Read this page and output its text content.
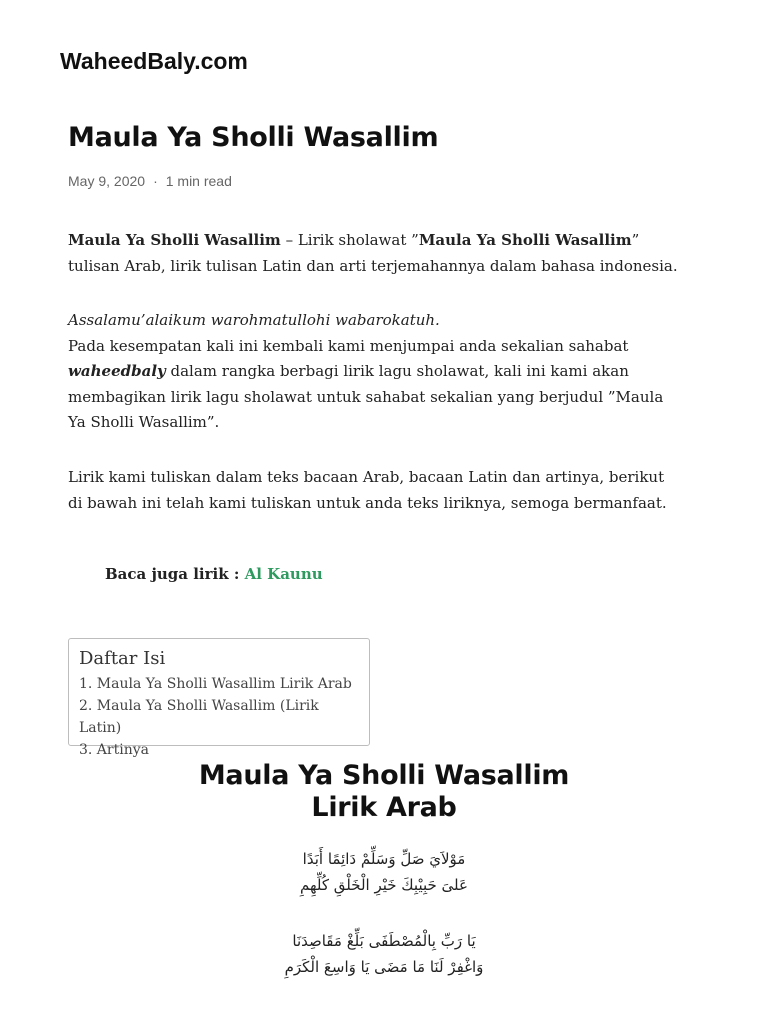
WaheedBaly.com
Maula Ya Sholli Wasallim
May 9, 2020 · 1 min read

Maula Ya Sholli Wasallim – Lirik sholawat ”Maula Ya Sholli Wasallim” tulisan Arab, lirik tulisan Latin dan arti terjemahannya dalam bahasa indonesia.

Assalamu’alaikum warohmatullohi wabarokatuh.
Pada kesempatan kali ini kembali kami menjumpai anda sekalian sahabat waheedbaly dalam rangka berbagi lirik lagu sholawat, kali ini kami akan membagikan lirik lagu sholawat untuk sahabat sekalian yang berjudul ”Maula Ya Sholli Wasallim”.

Lirik kami tuliskan dalam teks bacaan Arab, bacaan Latin dan artinya, berikut di bawah ini telah kami tuliskan untuk anda teks liriknya, semoga bermanfaat.

Baca juga lirik : Al Kaunu
Daftar Isi
1. Maula Ya Sholli Wasallim Lirik Arab
2. Maula Ya Sholli Wasallim (Lirik Latin)
3. Artinya
Maula Ya Sholli Wasallim
Lirik Arab
مَوْلاَيَ صَلِّ وَسَلِّمْ دَائِمًا أَبَدًا
عَلىَ حَبِيْبِكَ خَيْرِ الْخَلْقِ كُلِّهِمِ
يَا رَبِّ بِالْمُصْطَفَى بَلِّغْ مَقَاصِدَنَا
وَاغْفِرْ لَنَا مَا مَضَى يَا وَاسِعَ الْكَرَمِ
